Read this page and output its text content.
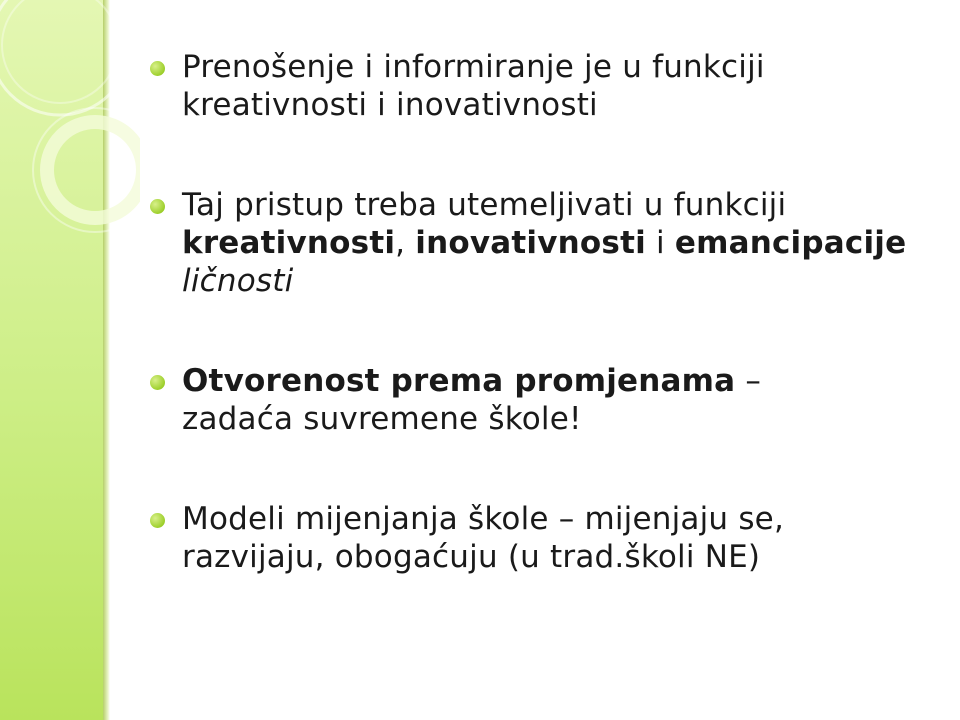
Prenošenje i informiranje je u funkciji
kreativnosti i inovativnosti
Taj pristup treba utemeljivati u funkciji
kreativnosti, inovativnosti i emancipacije
ličnosti
Otvorenost prema promjenama –
zadaća suvremene škole!
Modeli mijenjanja škole – mijenjaju se,
razvijaju, obogaćuju (u trad.školi NE)
